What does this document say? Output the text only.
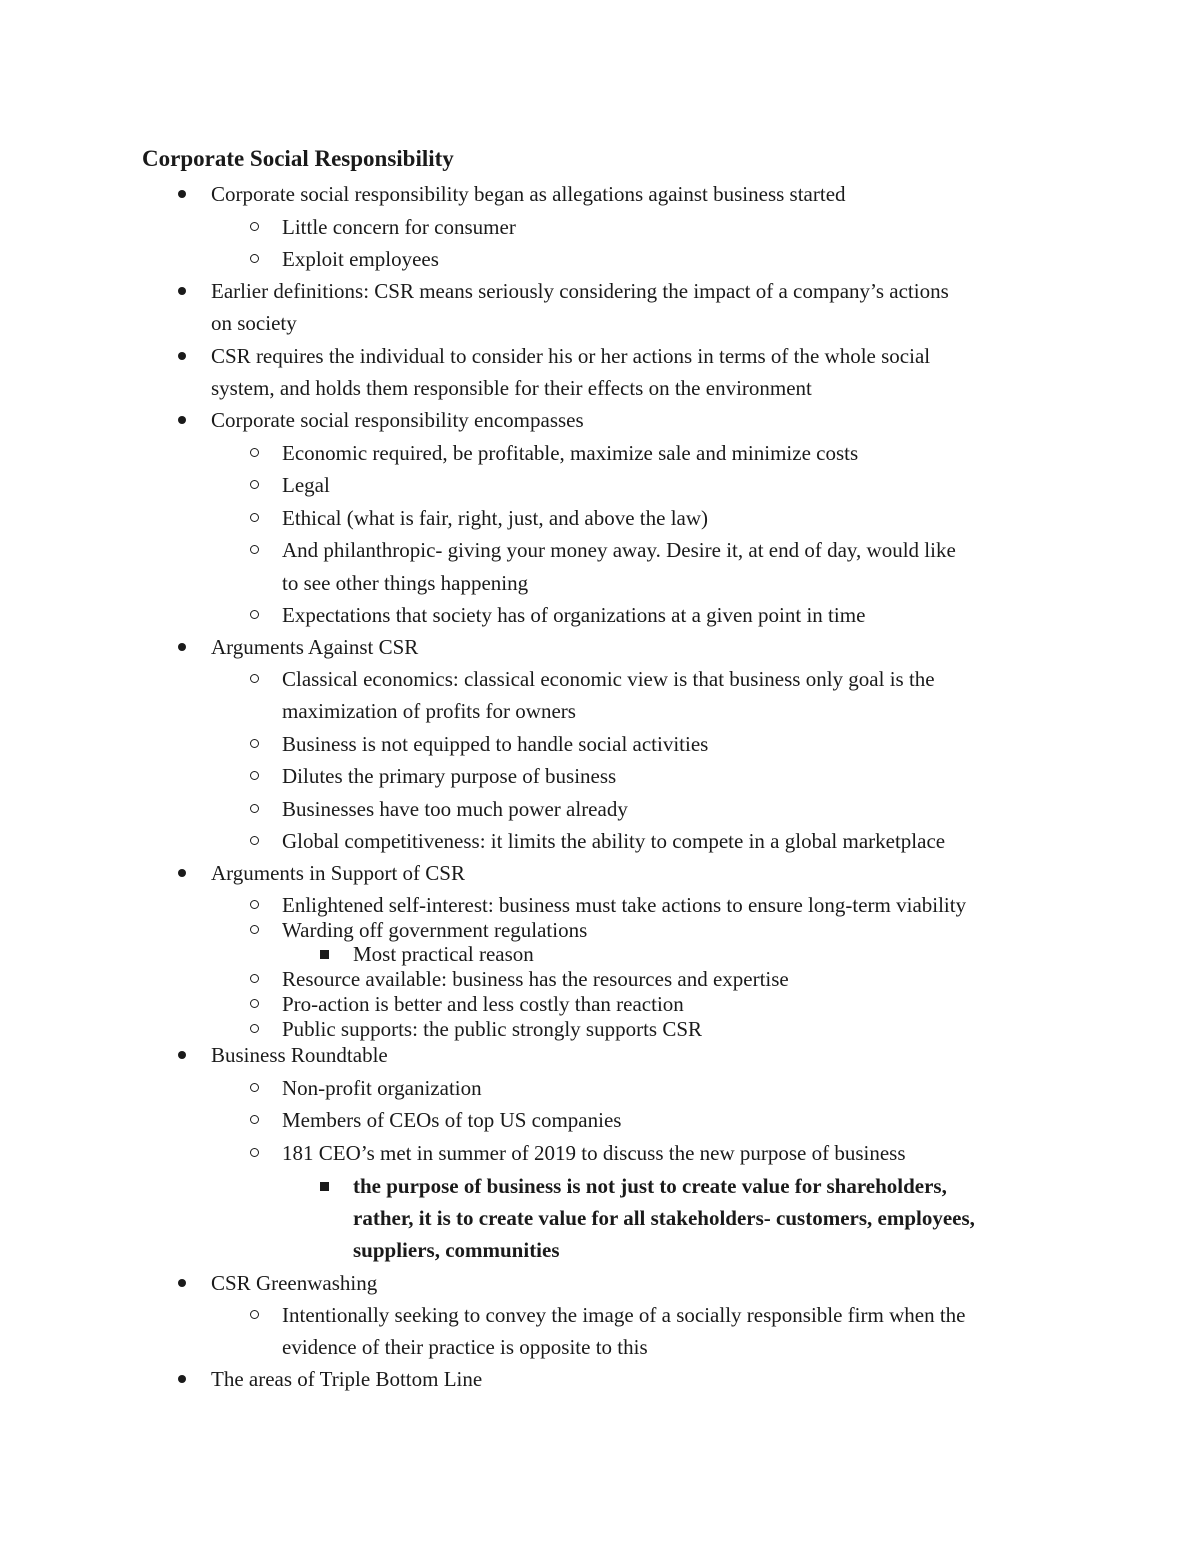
Corporate Social Responsibility
Corporate social responsibility began as allegations against business started
Little concern for consumer
Exploit employees
Earlier definitions: CSR means seriously considering the impact of a company’s actions
on society
CSR requires the individual to consider his or her actions in terms of the whole social
system, and holds them responsible for their effects on the environment
Corporate social responsibility encompasses
Economic required, be profitable, maximize sale and minimize costs
Legal
Ethical (what is fair, right, just, and above the law)
And philanthropic- giving your money away. Desire it, at end of day, would like
to see other things happening
Expectations that society has of organizations at a given point in time
Arguments Against CSR
Classical economics: classical economic view is that business only goal is the
maximization of profits for owners
Business is not equipped to handle social activities
Dilutes the primary purpose of business
Businesses have too much power already
Global competitiveness: it limits the ability to compete in a global marketplace
Arguments in Support of CSR
Enlightened self-interest: business must take actions to ensure long-term viability
Warding off government regulations
Most practical reason
Resource available: business has the resources and expertise
Pro-action is better and less costly than reaction
Public supports: the public strongly supports CSR
Business Roundtable
Non-profit organization
Members of CEOs of top US companies
181 CEO’s met in summer of 2019 to discuss the new purpose of business
the purpose of business is not just to create value for shareholders,
rather, it is to create value for all stakeholders- customers, employees,
suppliers, communities
CSR Greenwashing
Intentionally seeking to convey the image of a socially responsible firm when the
evidence of their practice is opposite to this
The areas of Triple Bottom Line
